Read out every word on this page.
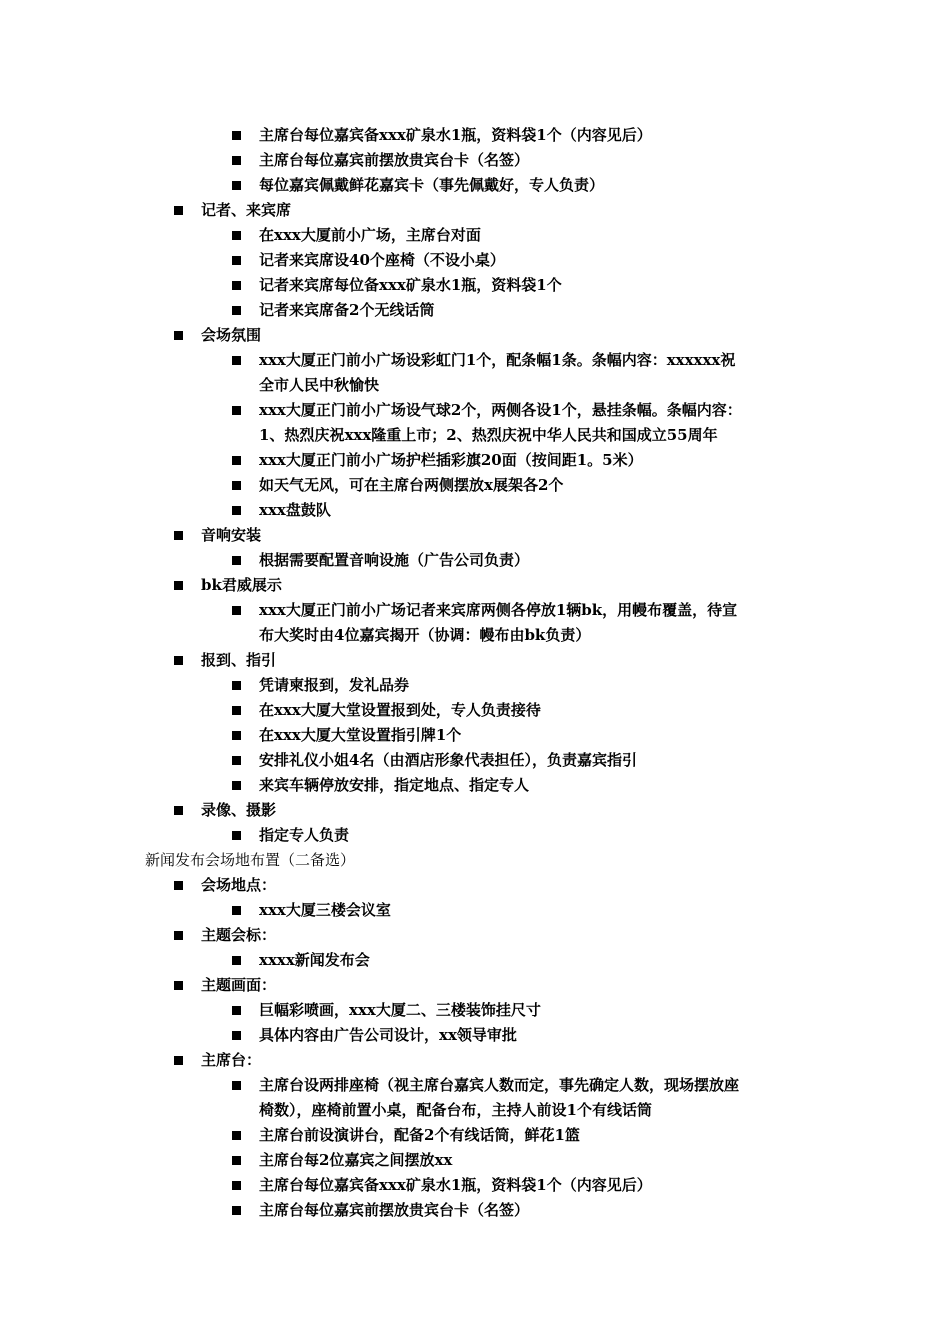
主席台每位嘉宾备xxx矿泉水1瓶，资料袋1个（内容见后）
主席台每位嘉宾前摆放贵宾台卡（名签）
每位嘉宾佩戴鲜花嘉宾卡（事先佩戴好，专人负责）
记者、来宾席
在xxx大厦前小广场，主席台对面
记者来宾席设40个座椅（不设小桌）
记者来宾席每位备xxx矿泉水1瓶，资料袋1个
记者来宾席备2个无线话筒
会场氛围
xxx大厦正门前小广场设彩虹门1个，配条幅1条。条幅内容：xxxxxx祝
全市人民中秋愉快
xxx大厦正门前小广场设气球2个，两侧各设1个，悬挂条幅。条幅内容：
1、热烈庆祝xxx隆重上市；2、热烈庆祝中华人民共和国成立55周年
xxx大厦正门前小广场护栏插彩旗20面（按间距1。5米）
如天气无风，可在主席台两侧摆放x展架各2个
xxx盘鼓队
音响安装
根据需要配置音响设施（广告公司负责）
bk君威展示
xxx大厦正门前小广场记者来宾席两侧各停放1辆bk，用幔布覆盖，待宣
布大奖时由4位嘉宾揭开（协调：幔布由bk负责）
报到、指引
凭请柬报到，发礼品券
在xxx大厦大堂设置报到处，专人负责接待
在xxx大厦大堂设置指引牌1个
安排礼仪小姐4名（由酒店形象代表担任），负责嘉宾指引
来宾车辆停放安排，指定地点、指定专人
录像、摄影
指定专人负责
新闻发布会场地布置（二备选）
会场地点：
xxx大厦三楼会议室
主题会标：
xxxx新闻发布会
主题画面：
巨幅彩喷画，xxx大厦二、三楼装饰挂尺寸
具体内容由广告公司设计，xx领导审批
主席台：
主席台设两排座椅（视主席台嘉宾人数而定，事先确定人数，现场摆放座
椅数），座椅前置小桌，配备台布，主持人前设1个有线话筒
主席台前设演讲台，配备2个有线话筒，鲜花1篮
主席台每2位嘉宾之间摆放xx
主席台每位嘉宾备xxx矿泉水1瓶，资料袋1个（内容见后）
主席台每位嘉宾前摆放贵宾台卡（名签）
